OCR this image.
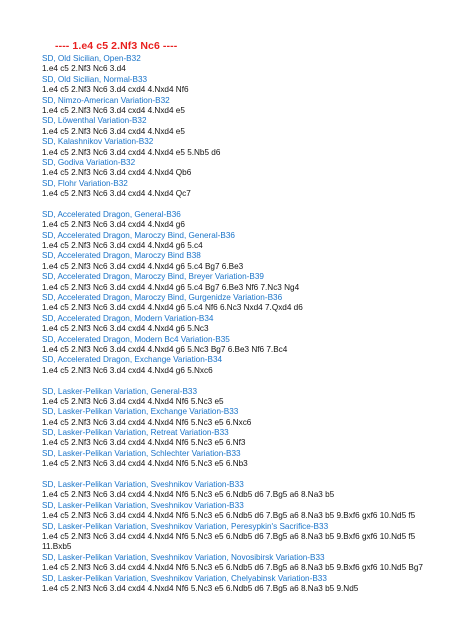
---- 1.e4 c5 2.Nf3 Nc6 ----
SD, Old Sicilian, Open-B32
1.e4 c5 2.Nf3 Nc6 3.d4
SD, Old Sicilian, Normal-B33
1.e4 c5 2.Nf3 Nc6 3.d4 cxd4 4.Nxd4 Nf6
SD, Nimzo-American Variation-B32
1.e4 c5 2.Nf3 Nc6 3.d4 cxd4 4.Nxd4 e5
SD, Löwenthal Variation-B32
1.e4 c5 2.Nf3 Nc6 3.d4 cxd4 4.Nxd4 e5
SD, Kalashnikov Variation-B32
1.e4 c5 2.Nf3 Nc6 3.d4 cxd4 4.Nxd4 e5 5.Nb5 d6
SD, Godiva Variation-B32
1.e4 c5 2.Nf3 Nc6 3.d4 cxd4 4.Nxd4 Qb6
SD, Flohr Variation-B32
1.e4 c5 2.Nf3 Nc6 3.d4 cxd4 4.Nxd4 Qc7
SD, Accelerated Dragon, General-B36
1.e4 c5 2.Nf3 Nc6 3.d4 cxd4 4.Nxd4 g6
SD, Accelerated Dragon, Maroczy Bind, General-B36
1.e4 c5 2.Nf3 Nc6 3.d4 cxd4 4.Nxd4 g6 5.c4
SD, Accelerated Dragon, Maroczy Bind B38
1.e4 c5 2.Nf3 Nc6 3.d4 cxd4 4.Nxd4 g6 5.c4 Bg7 6.Be3
SD, Accelerated Dragon, Maroczy Bind, Breyer Variation-B39
1.e4 c5 2.Nf3 Nc6 3.d4 cxd4 4.Nxd4 g6 5.c4 Bg7 6.Be3 Nf6 7.Nc3 Ng4
SD, Accelerated Dragon, Maroczy Bind, Gurgenidze Variation-B36
1.e4 c5 2.Nf3 Nc6 3.d4 cxd4 4.Nxd4 g6 5.c4 Nf6 6.Nc3 Nxd4 7.Qxd4 d6
SD, Accelerated Dragon, Modern Variation-B34
1.e4 c5 2.Nf3 Nc6 3.d4 cxd4 4.Nxd4 g6 5.Nc3
SD, Accelerated Dragon, Modern Bc4 Variation-B35
1.e4 c5 2.Nf3 Nc6 3.d4 cxd4 4.Nxd4 g6 5.Nc3 Bg7 6.Be3 Nf6 7.Bc4
SD, Accelerated Dragon, Exchange Variation-B34
1.e4 c5 2.Nf3 Nc6 3.d4 cxd4 4.Nxd4 g6 5.Nxc6
SD, Lasker-Pelikan Variation, General-B33
1.e4 c5 2.Nf3 Nc6 3.d4 cxd4 4.Nxd4 Nf6 5.Nc3 e5
SD, Lasker-Pelikan Variation, Exchange Variation-B33
1.e4 c5 2.Nf3 Nc6 3.d4 cxd4 4.Nxd4 Nf6 5.Nc3 e5 6.Nxc6
SD, Lasker-Pelikan Variation, Retreat Variation-B33
1.e4 c5 2.Nf3 Nc6 3.d4 cxd4 4.Nxd4 Nf6 5.Nc3 e5 6.Nf3
SD, Lasker-Pelikan Variation, Schlechter Variation-B33
1.e4 c5 2.Nf3 Nc6 3.d4 cxd4 4.Nxd4 Nf6 5.Nc3 e5 6.Nb3
SD, Lasker-Pelikan Variation, Sveshnikov Variation-B33
1.e4 c5 2.Nf3 Nc6 3.d4 cxd4 4.Nxd4 Nf6 5.Nc3 e5 6.Ndb5 d6 7.Bg5 a6 8.Na3 b5
SD, Lasker-Pelikan Variation, Sveshnikov Variation-B33
1.e4 c5 2.Nf3 Nc6 3.d4 cxd4 4.Nxd4 Nf6 5.Nc3 e5 6.Ndb5 d6 7.Bg5 a6 8.Na3 b5 9.Bxf6 gxf6 10.Nd5 f5
SD, Lasker-Pelikan Variation, Sveshnikov Variation, Peresypkin's Sacrifice-B33
1.e4 c5 2.Nf3 Nc6 3.d4 cxd4 4.Nxd4 Nf6 5.Nc3 e5 6.Ndb5 d6 7.Bg5 a6 8.Na3 b5 9.Bxf6 gxf6 10.Nd5 f5
11.Bxb5
SD, Lasker-Pelikan Variation, Sveshnikov Variation, Novosibirsk Variation-B33
1.e4 c5 2.Nf3 Nc6 3.d4 cxd4 4.Nxd4 Nf6 5.Nc3 e5 6.Ndb5 d6 7.Bg5 a6 8.Na3 b5 9.Bxf6 gxf6 10.Nd5 Bg7
SD, Lasker-Pelikan Variation, Sveshnikov Variation, Chelyabinsk Variation-B33
1.e4 c5 2.Nf3 Nc6 3.d4 cxd4 4.Nxd4 Nf6 5.Nc3 e5 6.Ndb5 d6 7.Bg5 a6 8.Na3 b5 9.Nd5
